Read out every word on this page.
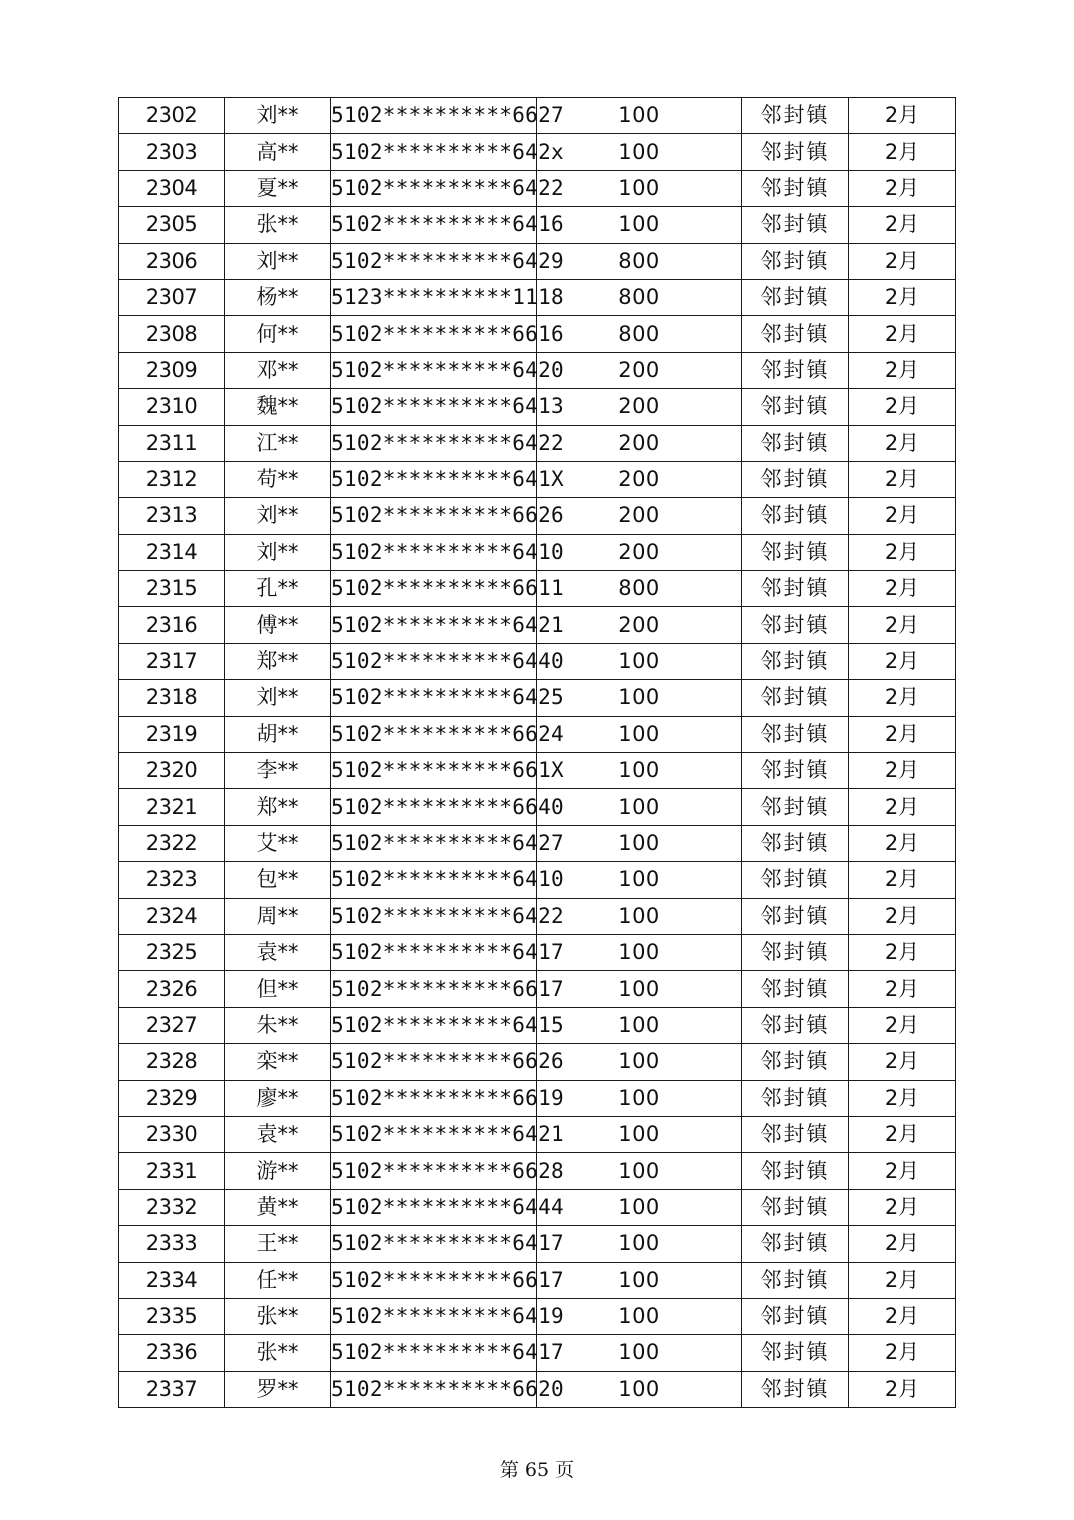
2302	刘**	5102**********6627	100	邻封镇	2月
2303	高**	5102**********642x	100	邻封镇	2月
2304	夏**	5102**********6422	100	邻封镇	2月
2305	张**	5102**********6416	100	邻封镇	2月
2306	刘**	5102**********6429	800	邻封镇	2月
2307	杨**	5123**********1118	800	邻封镇	2月
2308	何**	5102**********6616	800	邻封镇	2月
2309	邓**	5102**********6420	200	邻封镇	2月
2310	魏**	5102**********6413	200	邻封镇	2月
2311	江**	5102**********6422	200	邻封镇	2月
2312	苟**	5102**********641X	200	邻封镇	2月
2313	刘**	5102**********6626	200	邻封镇	2月
2314	刘**	5102**********6410	200	邻封镇	2月
2315	孔**	5102**********6611	800	邻封镇	2月
2316	傅**	5102**********6421	200	邻封镇	2月
2317	郑**	5102**********6440	100	邻封镇	2月
2318	刘**	5102**********6425	100	邻封镇	2月
2319	胡**	5102**********6624	100	邻封镇	2月
2320	李**	5102**********661X	100	邻封镇	2月
2321	郑**	5102**********6640	100	邻封镇	2月
2322	艾**	5102**********6427	100	邻封镇	2月
2323	包**	5102**********6410	100	邻封镇	2月
2324	周**	5102**********6422	100	邻封镇	2月
2325	袁**	5102**********6417	100	邻封镇	2月
2326	但**	5102**********6617	100	邻封镇	2月
2327	朱**	5102**********6415	100	邻封镇	2月
2328	栾**	5102**********6626	100	邻封镇	2月
2329	廖**	5102**********6619	100	邻封镇	2月
2330	袁**	5102**********6421	100	邻封镇	2月
2331	游**	5102**********6628	100	邻封镇	2月
2332	黄**	5102**********6444	100	邻封镇	2月
2333	王**	5102**********6417	100	邻封镇	2月
2334	任**	5102**********6617	100	邻封镇	2月
2335	张**	5102**********6419	100	邻封镇	2月
2336	张**	5102**********6417	100	邻封镇	2月
2337	罗**	5102**********6620	100	邻封镇	2月
第 65 页
